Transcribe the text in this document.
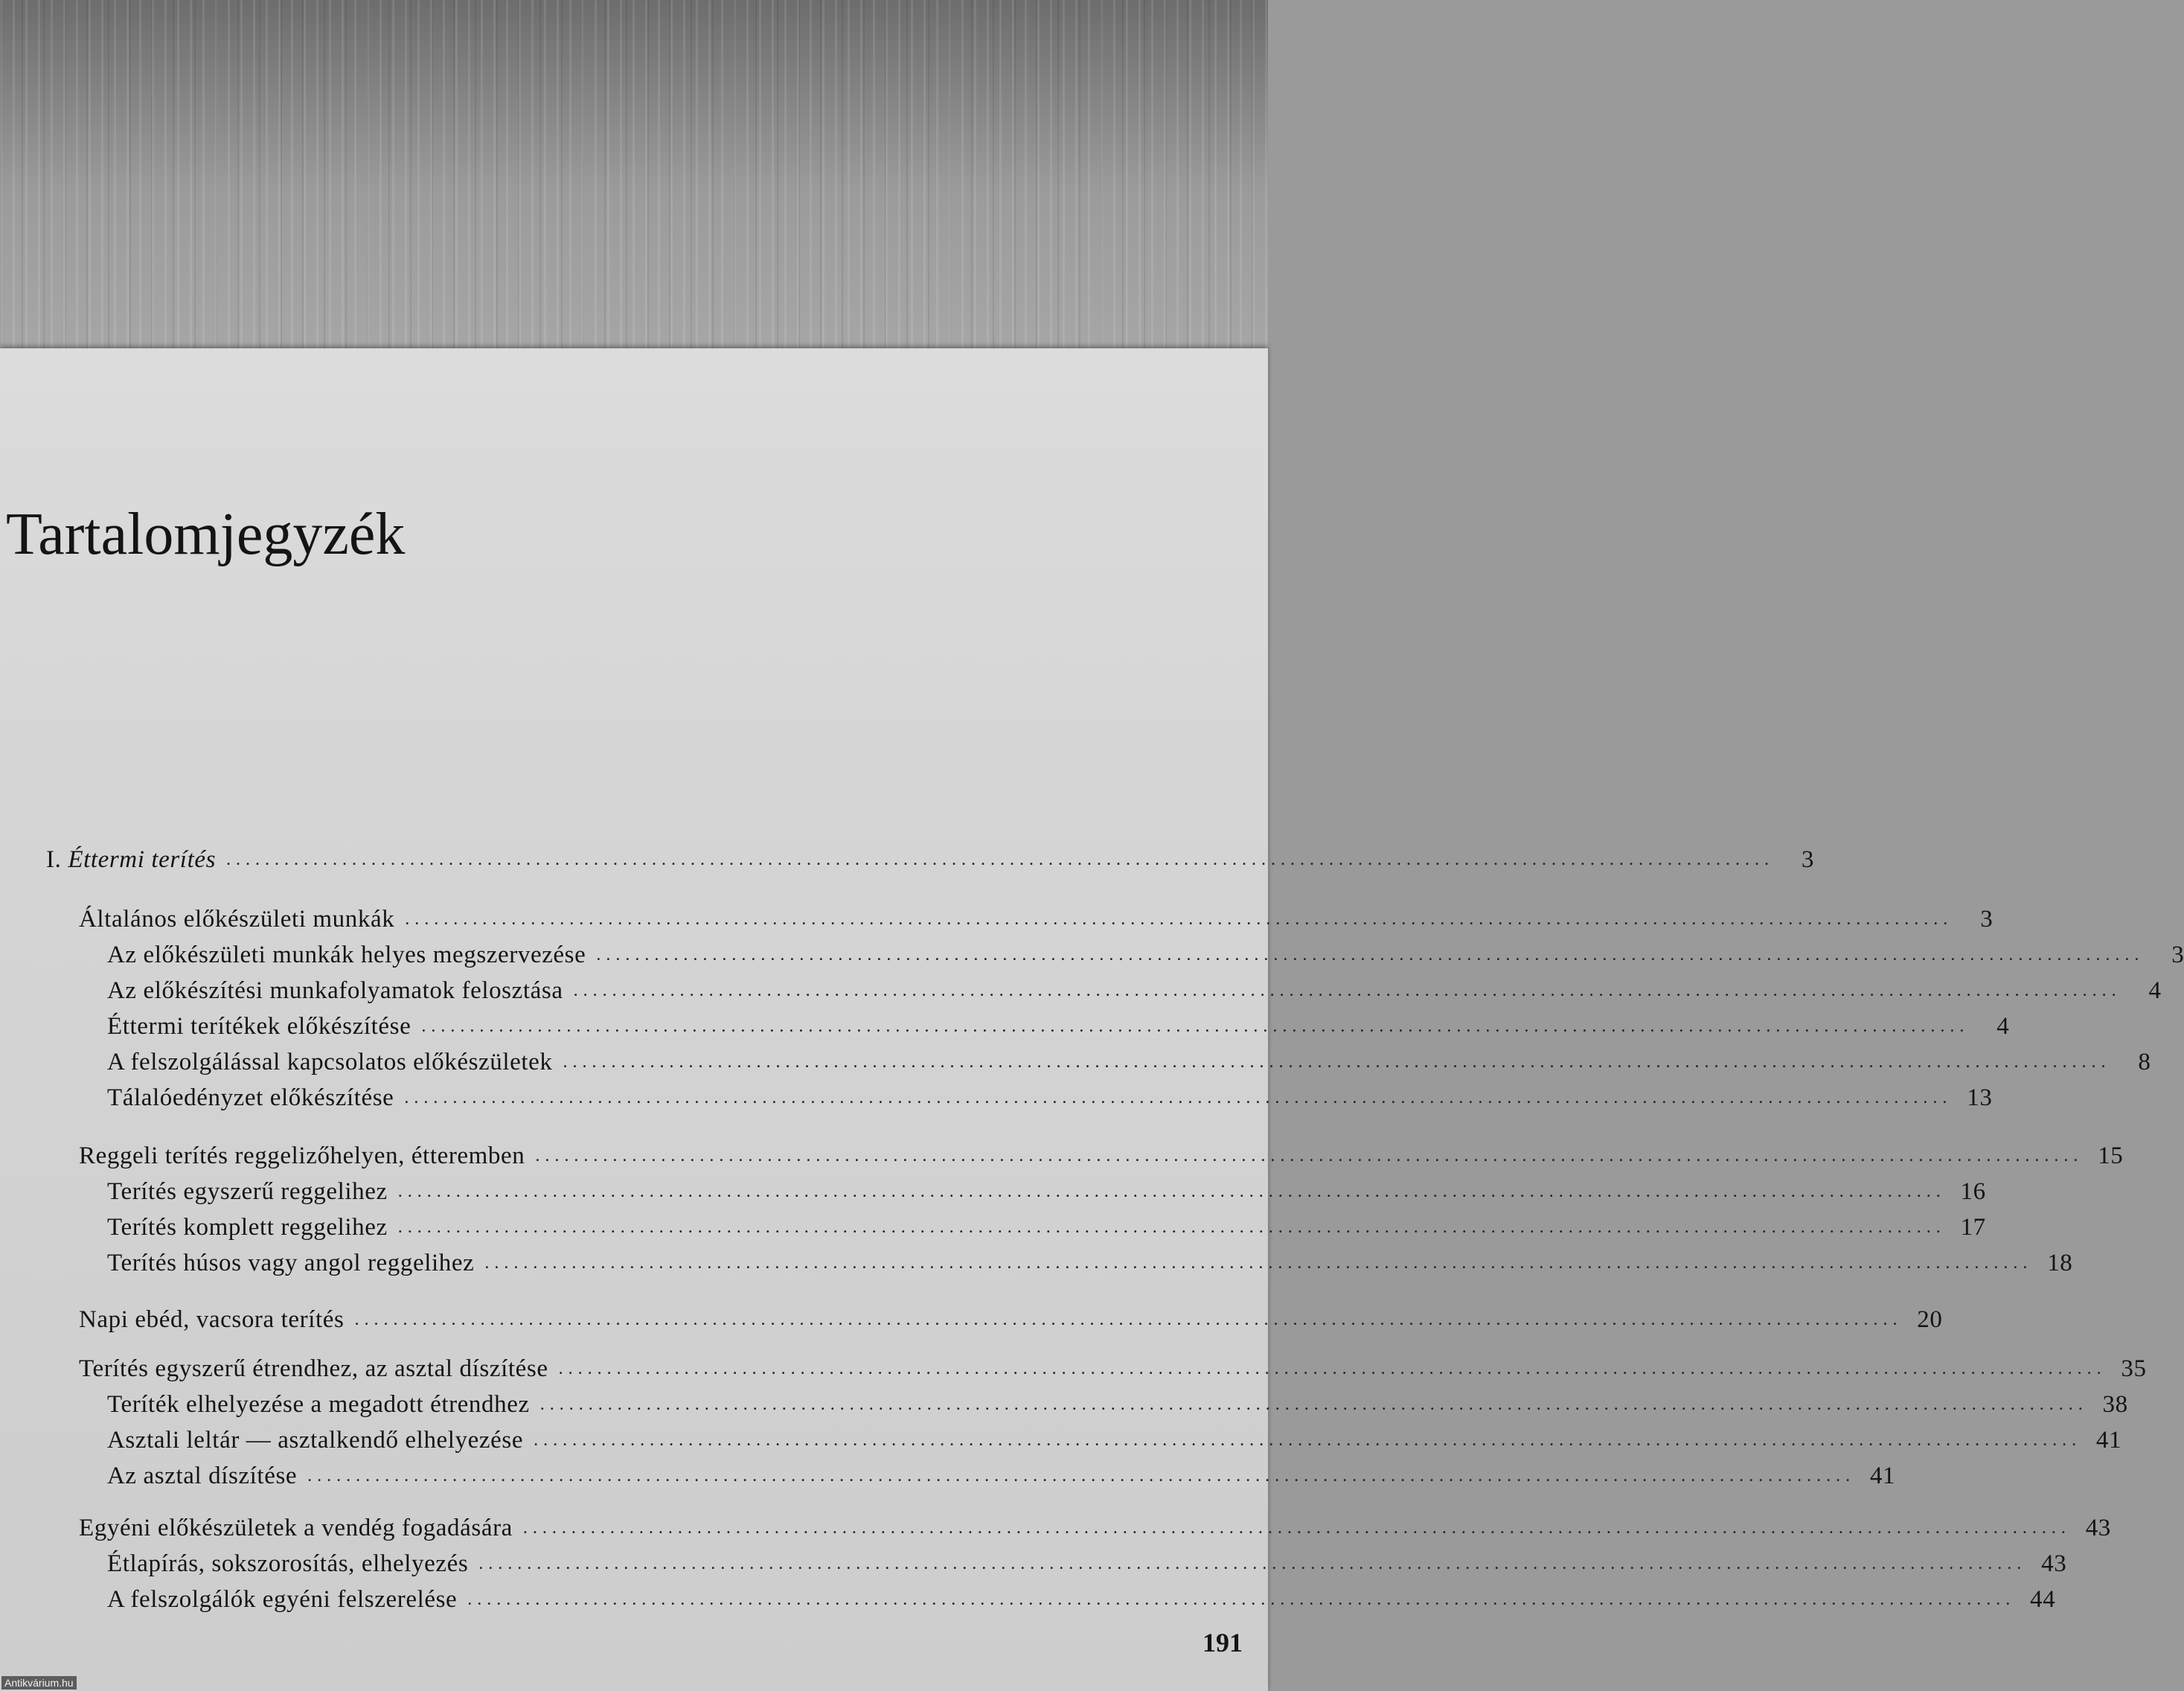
Tartalomjegyzék
I. Éttermi terítés ................................................................................................................................................................	3
Általános előkészületi munkák ................................................................................................................................................................	3
Az előkészületi munkák helyes megszervezése ................................................................................................................................................................	3
Az előkészítési munkafolyamatok felosztása ................................................................................................................................................................	4
Éttermi terítékek előkészítése ................................................................................................................................................................	4
A felszolgálással kapcsolatos előkészületek ................................................................................................................................................................	8
Tálalóedényzet előkészítése ................................................................................................................................................................ 13
Reggeli terítés reggelizőhelyen, étteremben ................................................................................................................................................................ 15
Terítés egyszerű reggelihez ................................................................................................................................................................ 16
Terítés komplett reggelihez ................................................................................................................................................................ 17
Terítés húsos vagy angol reggelihez ................................................................................................................................................................ 18
Napi ebéd, vacsora terítés ................................................................................................................................................................ 20
Terítés egyszerű étrendhez, az asztal díszítése ................................................................................................................................................................ 35
Teríték elhelyezése a megadott étrendhez ................................................................................................................................................................ 38
Asztali leltár — asztalkendő elhelyezése ................................................................................................................................................................ 41
Az asztal díszítése ................................................................................................................................................................ 41
Egyéni előkészületek a vendég fogadására ................................................................................................................................................................ 43
Étlapírás, sokszorosítás, elhelyezés ................................................................................................................................................................ 43
A felszolgálók egyéni felszerelése ................................................................................................................................................................ 44
191
Antikvárium.hu
